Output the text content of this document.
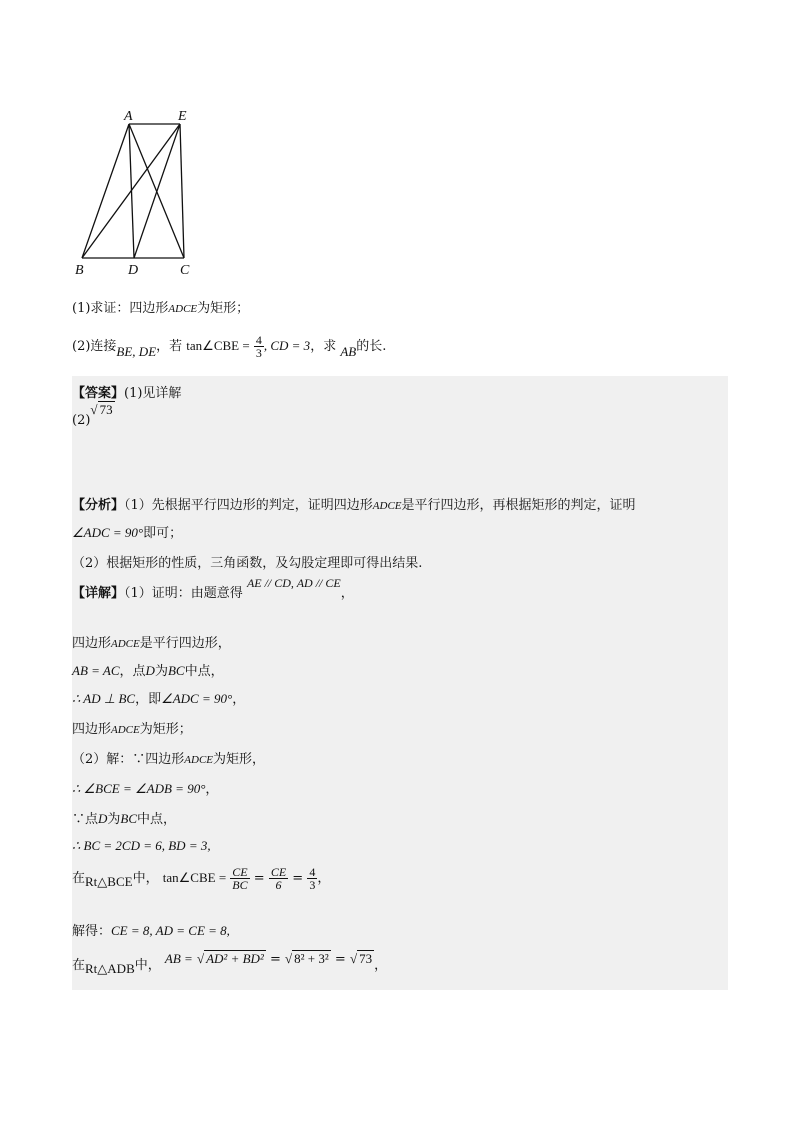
A	E
B	D	C
(1)求证：四边形ADCE为矩形；
(2)连接BE, DE，若 tan∠CBE = $\frac{4}{3}$ , CD = 3，求 AB的长.
【答案】(1)见详解
(2)√ 73
【分析】（1）先根据平行四边形的判定，证明四边形ADCE是平行四边形，再根据矩形的判定，证明
∠ADC = 90°即可；
（2）根据矩形的性质，三角函数，及勾股定理即可得出结果.
【详解】（1）证明：由题意得 AE // CD, AD // CE，
四边形ADCE是平行四边形，
AB = AC，点D为BC中点，
∴ AD ⊥ BC，即∠ADC = 90°，
四边形ADCE为矩形；
（2）解：∵四边形ADCE为矩形，
∴ ∠BCE = ∠ADB = 90°，
∵点D为BC中点，
∴ BC = 2CD = 6, BD = 3,
在Rt△BCE中， tan∠CBE = $\frac{CE}{BC} = \frac{CE}{6} = \frac{4}{3}$ ，
解得：CE = 8, AD = CE = 8,
在Rt△ADB中， AB = √ AD² + BD² = √ 8² + 3² = √ 73 ，
